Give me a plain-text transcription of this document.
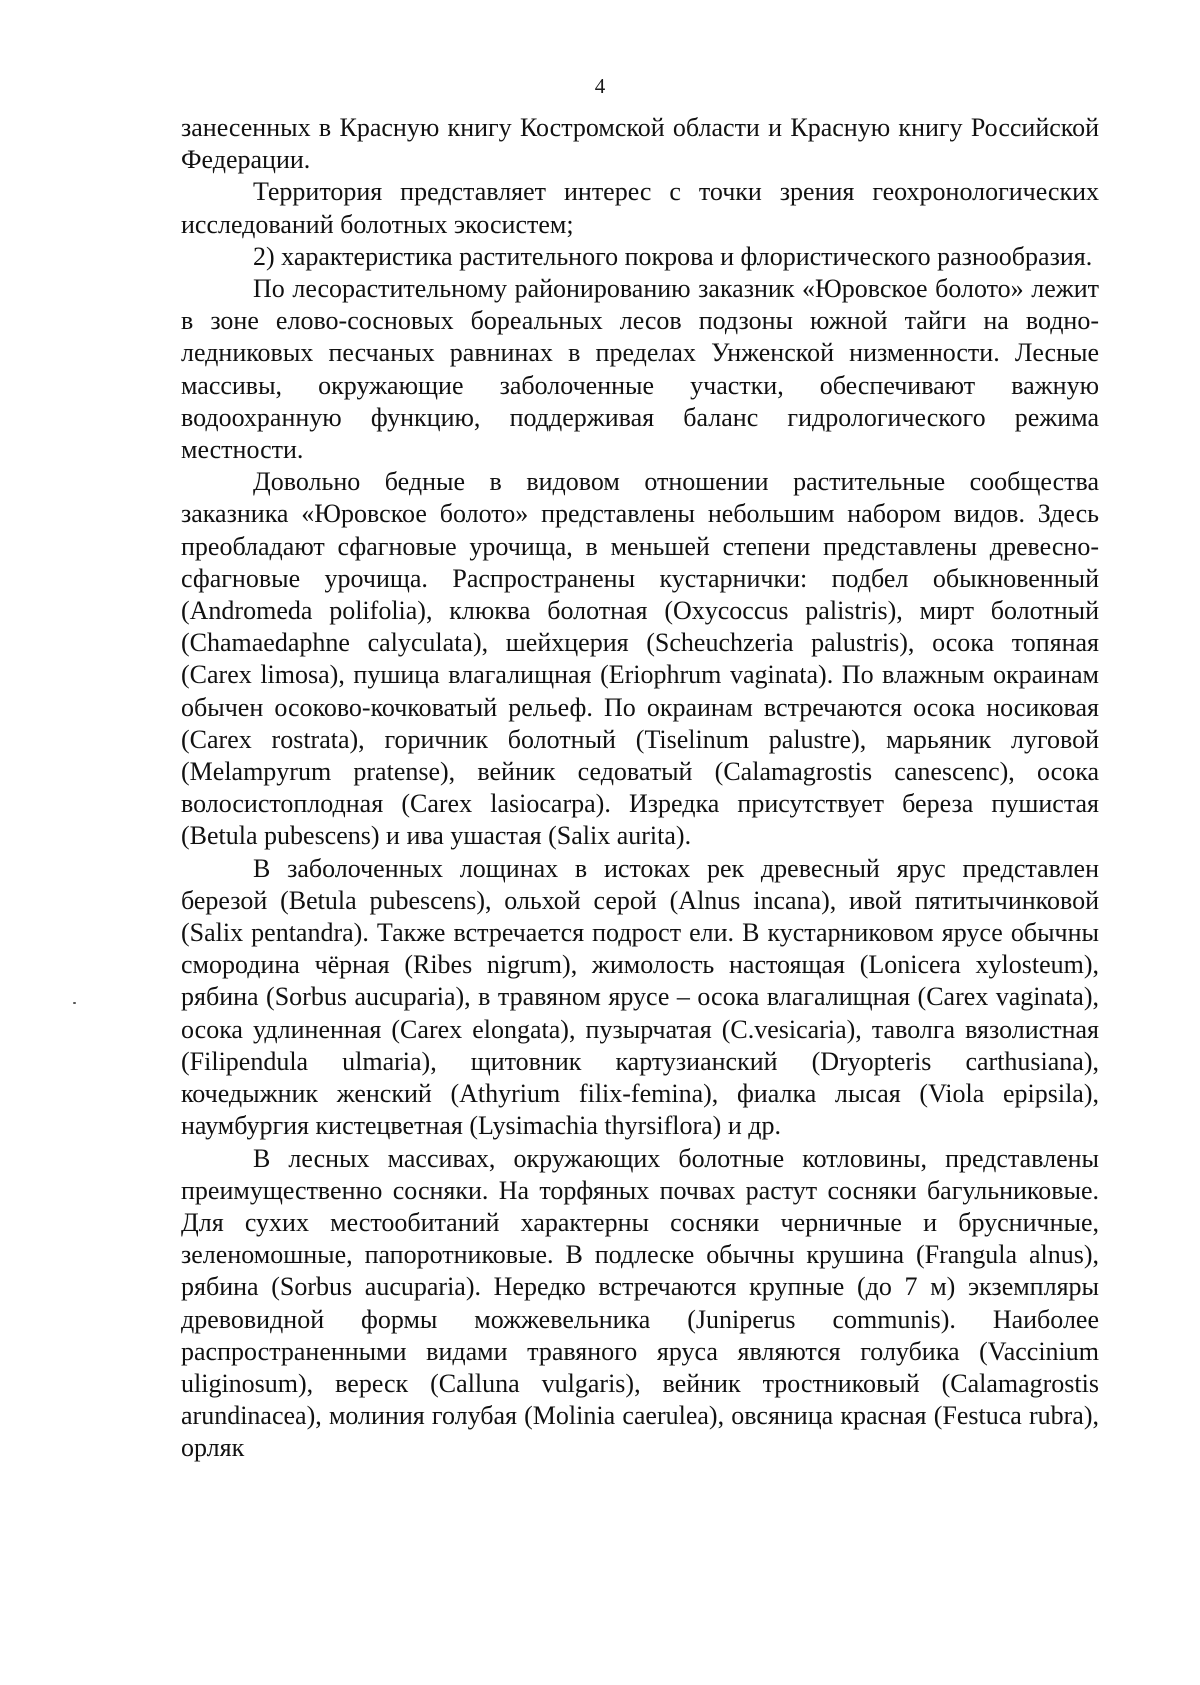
4

занесенных в Красную книгу Костромской области и Красную книгу Российской Федерации.

Территория представляет интерес с точки зрения геохронологических исследований болотных экосистем;

2) характеристика растительного покрова и флористического разнообразия.

По лесорастительному районированию заказник «Юровское болото» лежит в зоне елово-сосновых бореальных лесов подзоны южной тайги на водно-ледниковых песчаных равнинах в пределах Унженской низменности. Лесные массивы, окружающие заболоченные участки, обеспечивают важную водоохранную функцию, поддерживая баланс гидрологического режима местности.

Довольно бедные в видовом отношении растительные сообщества заказника «Юровское болото» представлены небольшим набором видов. Здесь преобладают сфагновые урочища, в меньшей степени представлены древесно-сфагновые урочища. Распространены кустарнички: подбел обыкновенный (Andromeda polifolia), клюква болотная (Oxycoccus palistris), мирт болотный (Chamaedaphne calyculata), шейхцерия (Scheuchzeria palustris), осока топяная (Carex limosa), пушица влагалищная (Eriophrum vaginata). По влажным окраинам обычен осоково-кочковатый рельеф. По окраинам встречаются осока носиковая (Carex rostrata), горичник болотный (Tiselinum palustre), марьяник луговой (Melampyrum pratense), вейник седоватый (Calamagrostis canescenc), осока волосистоплодная (Carex lasiocarpa). Изредка присутствует береза пушистая (Betula pubescens) и ива ушастая (Salix aurita).

В заболоченных лощинах в истоках рек древесный ярус представлен березой (Betula pubescens), ольхой серой (Alnus incana), ивой пятитычинковой (Salix pentandra). Также встречается подрост ели. В кустарниковом ярусе обычны смородина чёрная (Ribes nigrum), жимолость настоящая (Lonicera xylosteum), рябина (Sorbus aucuparia), в травяном ярусе – осока влагалищная (Carex vaginata), осока удлиненная (Carex elongata), пузырчатая (C.vesicaria), таволга вязолистная (Filipendula ulmaria), щитовник картузианский (Dryopteris carthusiana), кочедыжник женский (Athyrium filix-femina), фиалка лысая (Viola epipsila), наумбургия кистецветная (Lysimachia thyrsiflora) и др.

В лесных массивах, окружающих болотные котловины, представлены преимущественно сосняки. На торфяных почвах растут сосняки багульниковые. Для сухих местообитаний характерны сосняки черничные и брусничные, зеленомошные, папоротниковые. В подлеске обычны крушина (Frangula alnus), рябина (Sorbus aucuparia). Нередко встречаются крупные (до 7 м) экземпляры древовидной формы можжевельника (Juniperus communis). Наиболее распространенными видами травяного яруса являются голубика (Vaccinium uliginosum), вереск (Calluna vulgaris), вейник тростниковый (Calamagrostis arundinacea), молиния голубая (Molinia caerulea), овсяница красная (Festuca rubra), орляк
